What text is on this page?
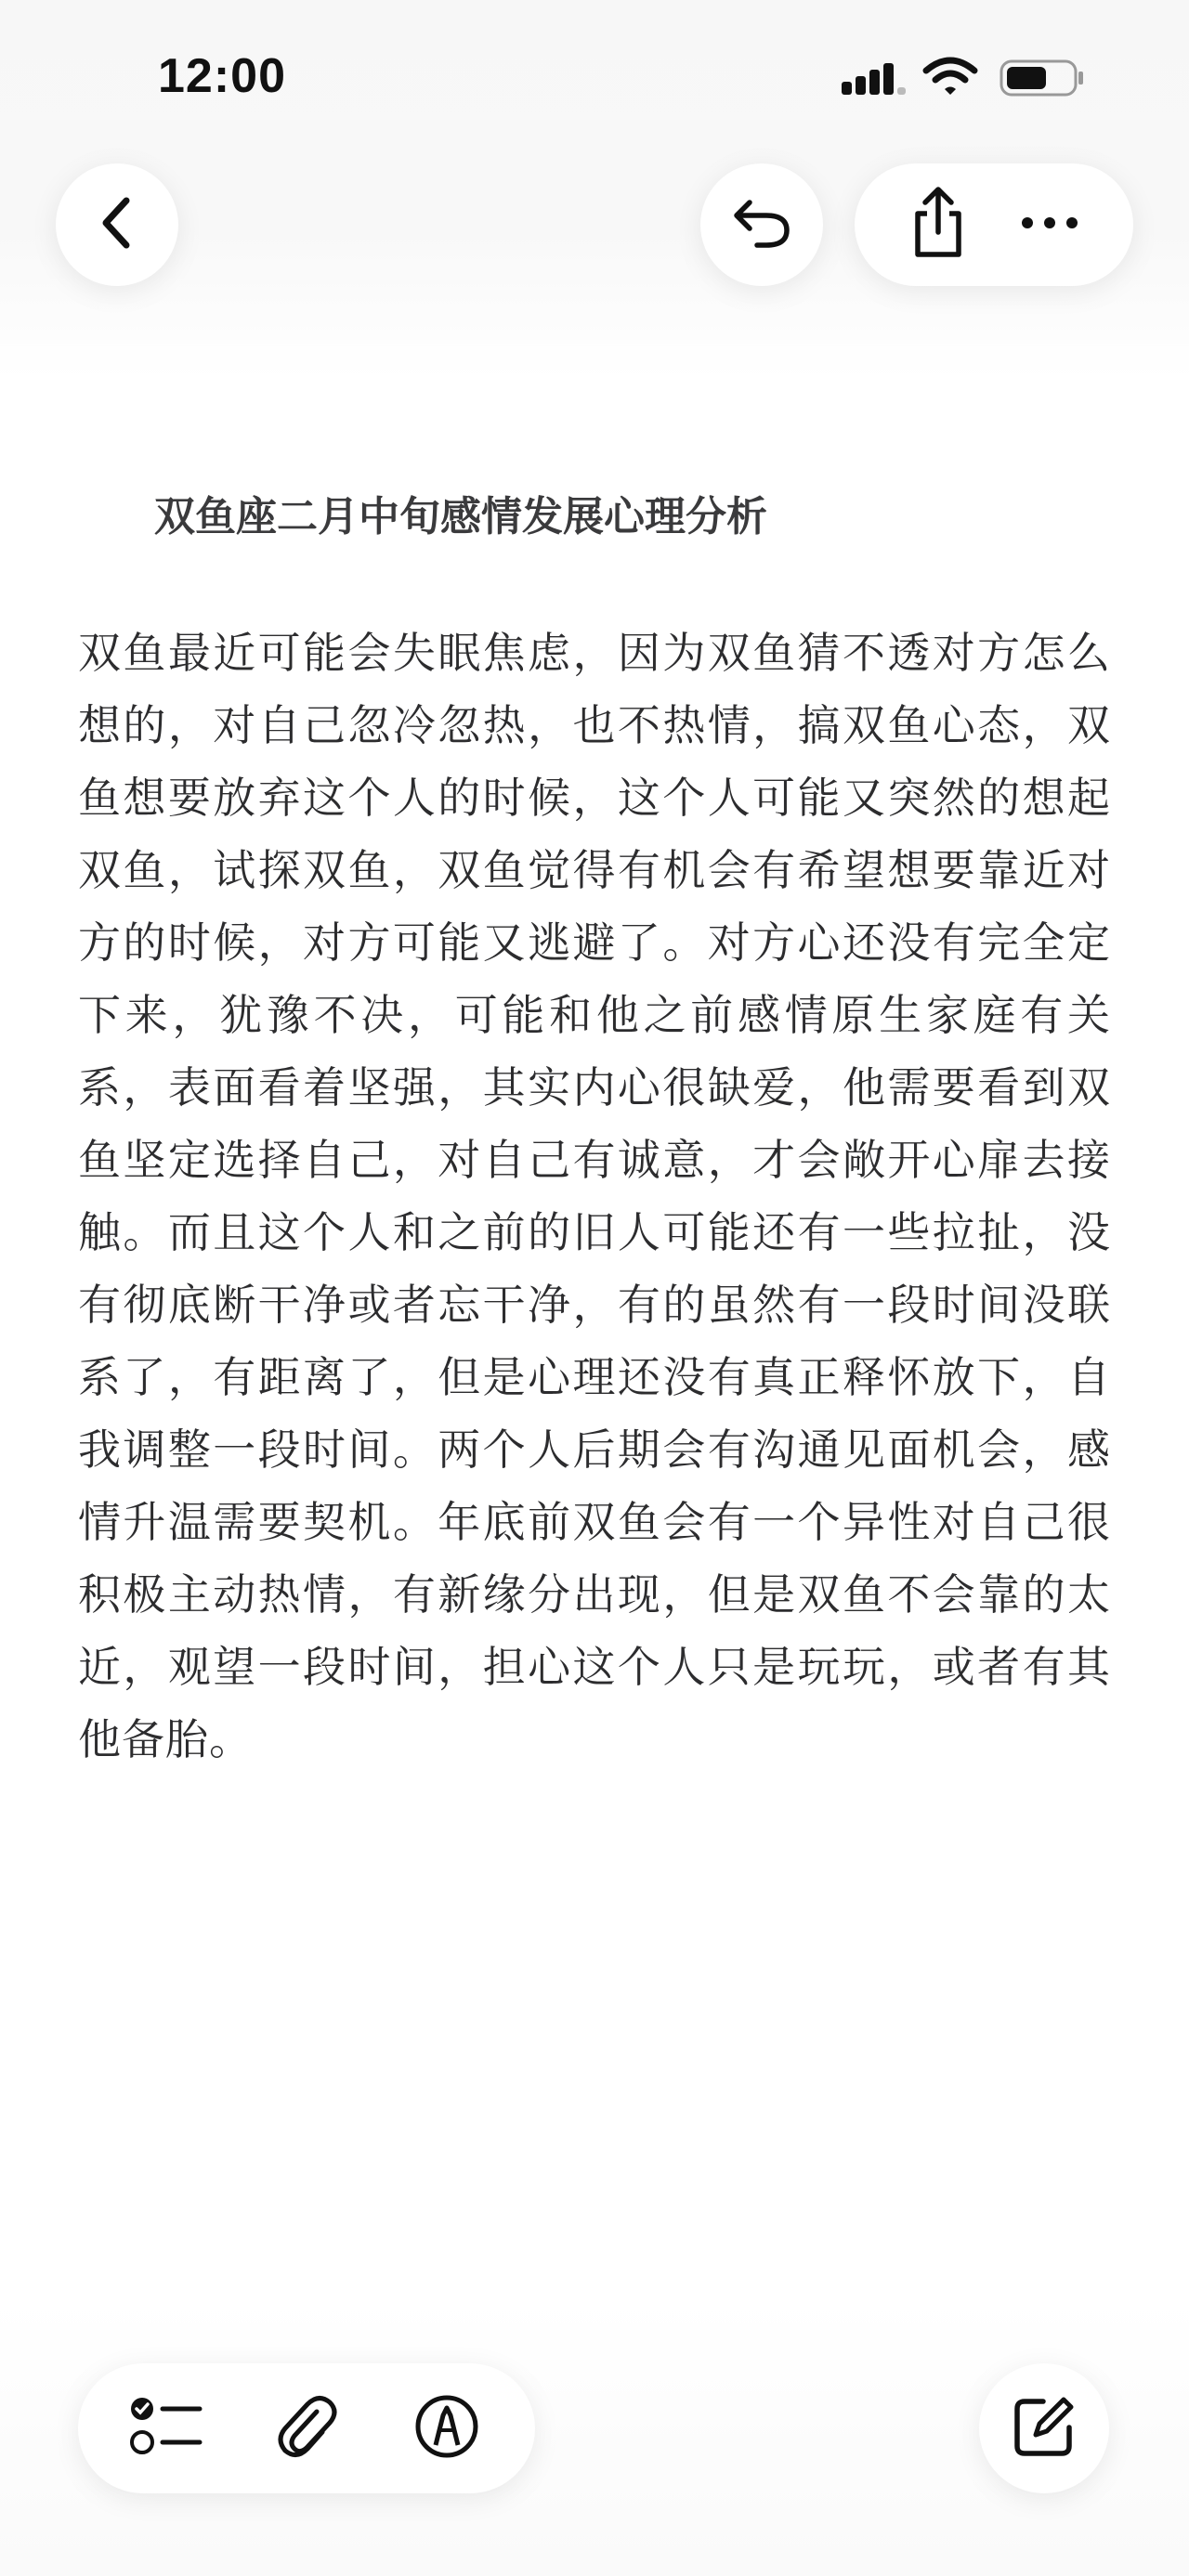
12:00
双鱼座二月中旬感情发展心理分析

双鱼最近可能会失眠焦虑，因为双鱼猜不透对方怎么想的，对自己忽冷忽热，也不热情，搞双鱼心态，双鱼想要放弃这个人的时候，这个人可能又突然的想起双鱼，试探双鱼，双鱼觉得有机会有希望想要靠近对方的时候，对方可能又逃避了。对方心还没有完全定下来，犹豫不决，可能和他之前感情原生家庭有关系，表面看着坚强，其实内心很缺爱，他需要看到双鱼坚定选择自己，对自己有诚意，才会敞开心扉去接触。而且这个人和之前的旧人可能还有一些拉扯，没有彻底断干净或者忘干净，有的虽然有一段时间没联系了，有距离了，但是心理还没有真正释怀放下，自我调整一段时间。两个人后期会有沟通见面机会，感情升温需要契机。年底前双鱼会有一个异性对自己很积极主动热情，有新缘分出现，但是双鱼不会靠的太近，观望一段时间，担心这个人只是玩玩，或者有其他备胎。
